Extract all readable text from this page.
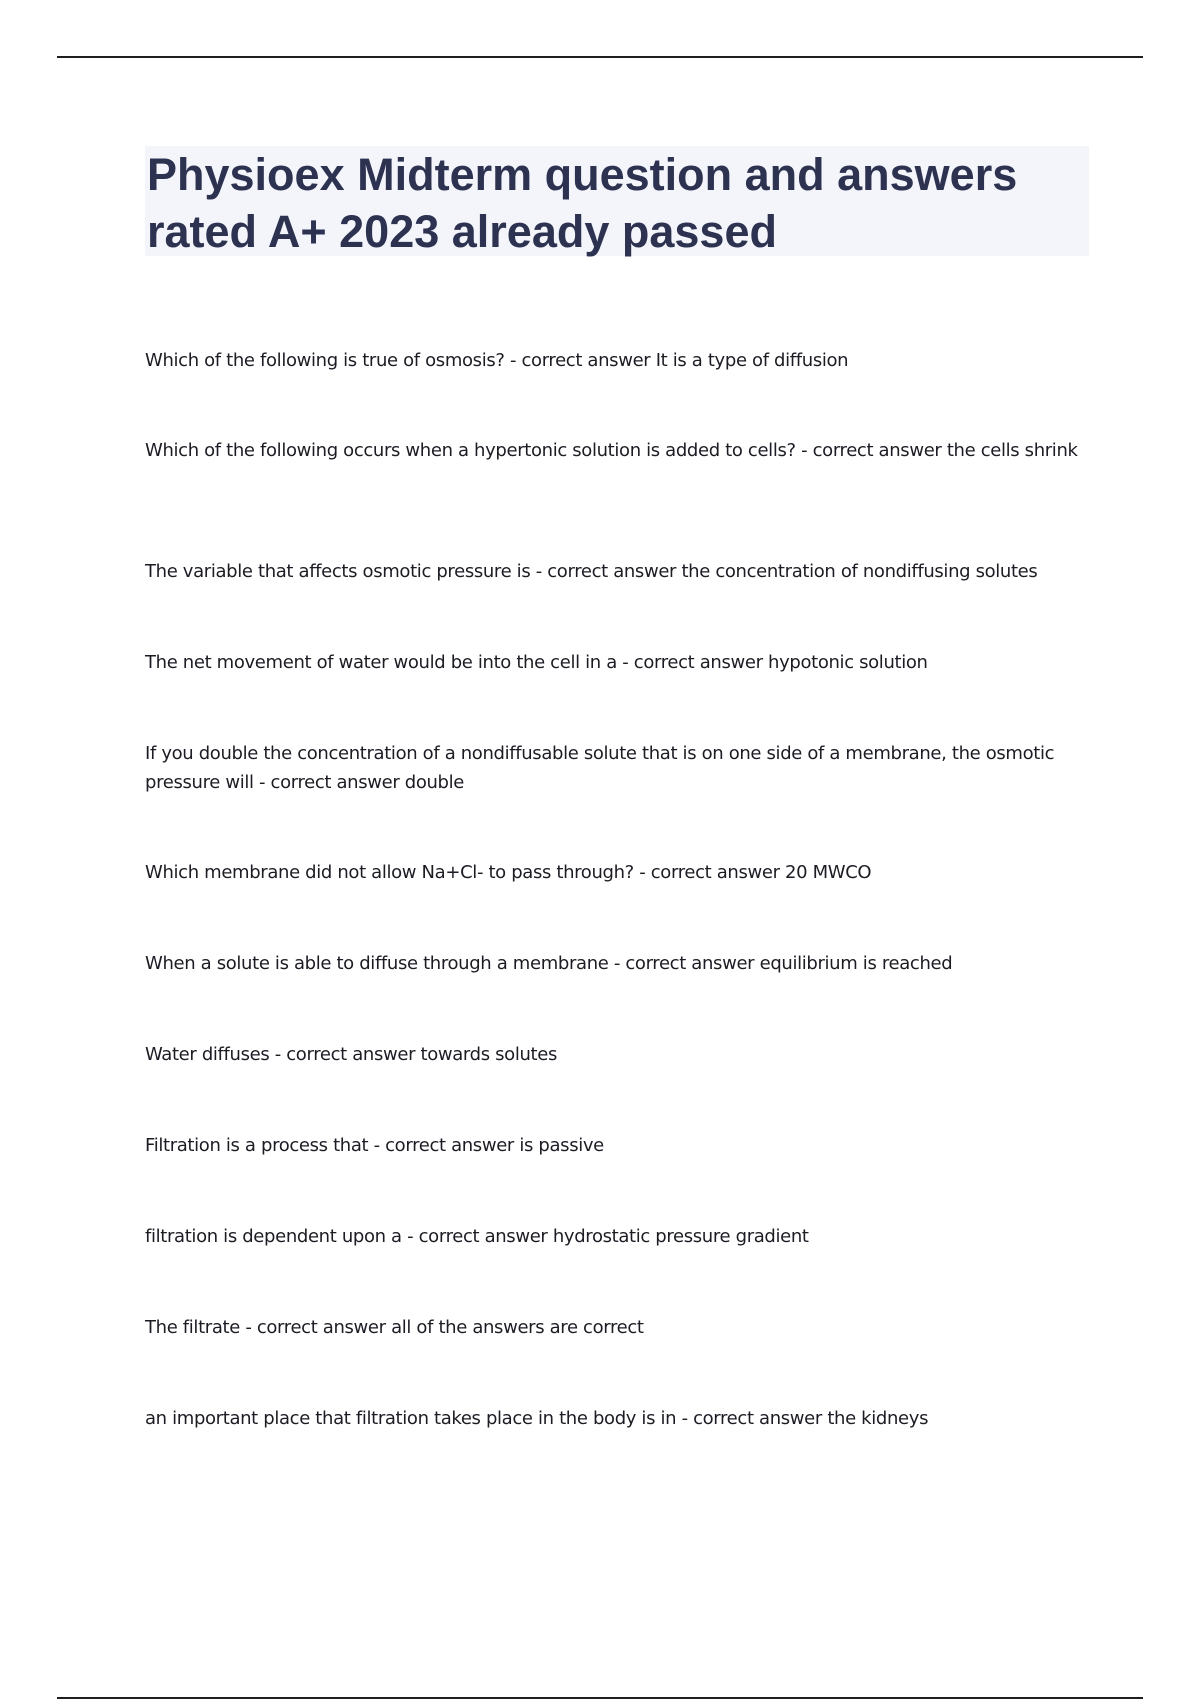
Physioex Midterm question and answers
rated A+ 2023 already passed
Which of the following is true of osmosis? - correct answer It is a type of diffusion
Which of the following occurs when a hypertonic solution is added to cells? - correct answer the cells shrink
The variable that affects osmotic pressure is - correct answer the concentration of nondiffusing solutes
The net movement of water would be into the cell in a - correct answer hypotonic solution
If you double the concentration of a nondiffusable solute that is on one side of a membrane, the osmotic pressure will - correct answer double
Which membrane did not allow Na+Cl- to pass through? - correct answer 20 MWCO
When a solute is able to diffuse through a membrane - correct answer equilibrium is reached
Water diffuses - correct answer towards solutes
Filtration is a process that - correct answer is passive
filtration is dependent upon a - correct answer hydrostatic pressure gradient
The filtrate - correct answer all of the answers are correct
an important place that filtration takes place in the body is in - correct answer the kidneys
